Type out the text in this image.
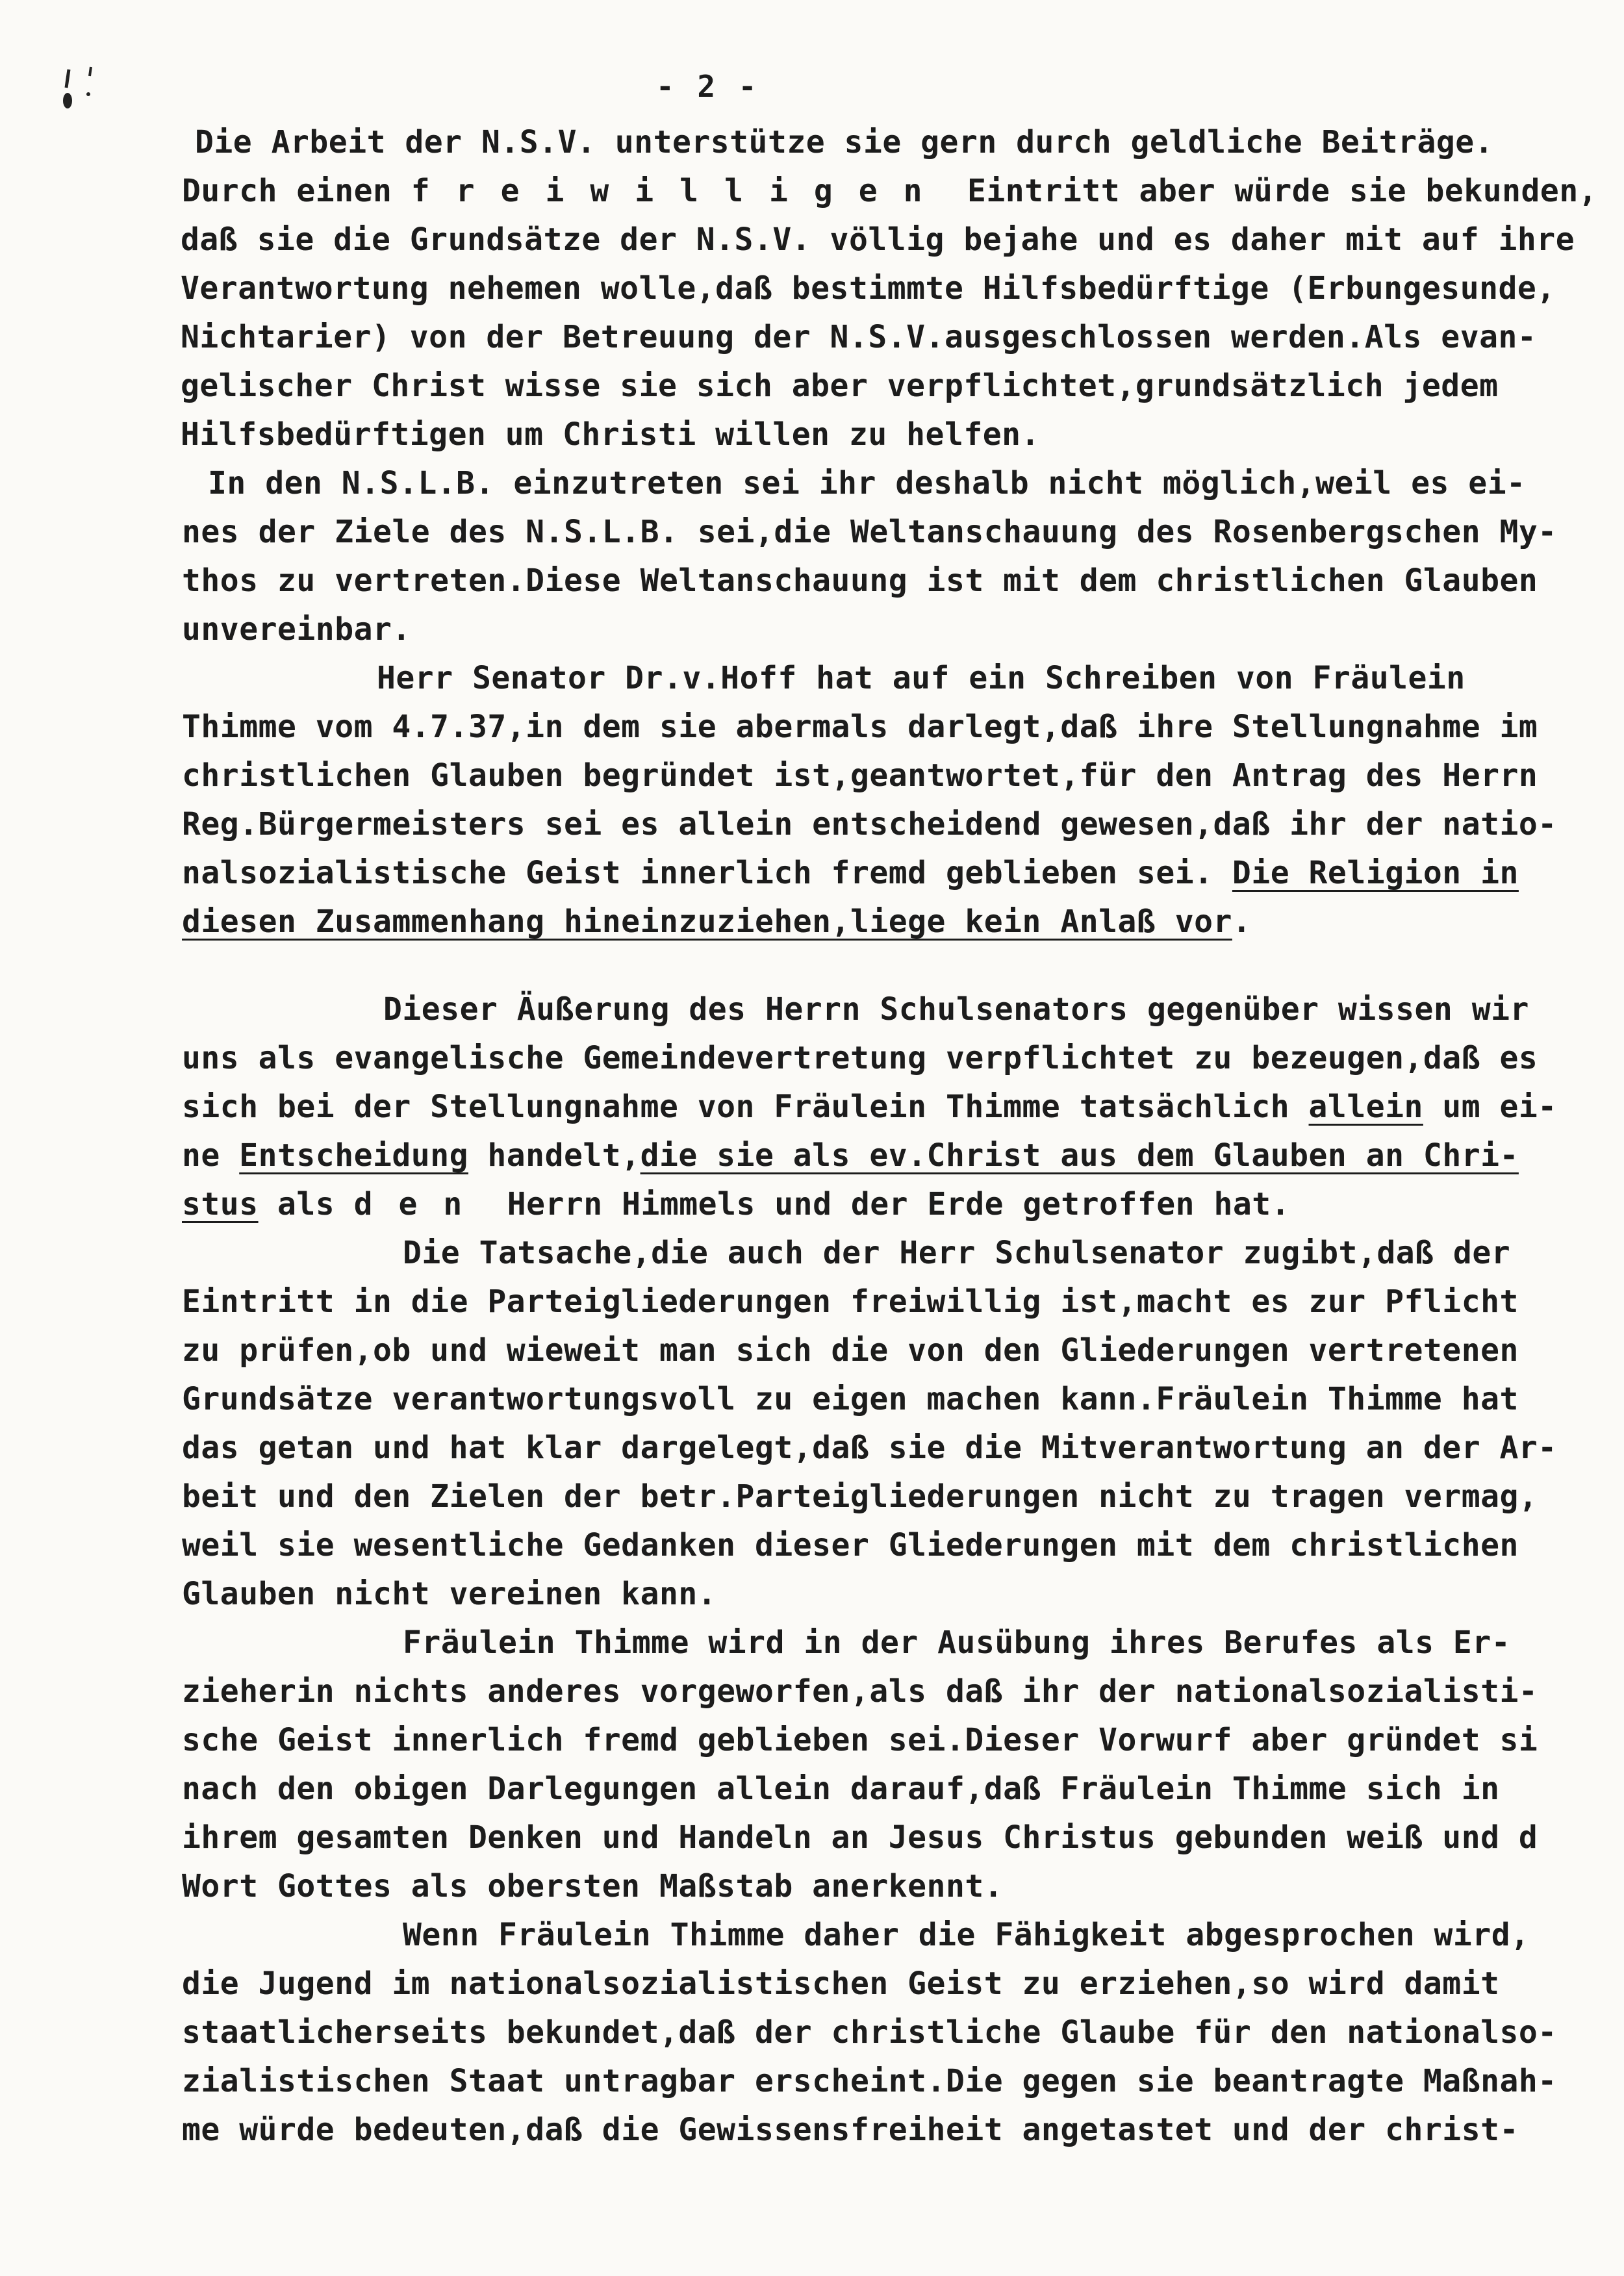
- 2 -
Die Arbeit der N.S.V. unterstütze sie gern durch geldliche Beiträge.
Durch einen freiwilligen Eintritt aber würde sie bekunden,
daß sie die Grundsätze der N.S.V. völlig bejahe und es daher mit auf ihre
Verantwortung nehemen wolle,daß bestimmte Hilfsbedürftige (Erbungesunde,
Nichtarier) von der Betreuung der N.S.V.ausgeschlossen werden.Als evan-
gelischer Christ wisse sie sich aber verpflichtet,grundsätzlich jedem
Hilfsbedürftigen um Christi willen zu helfen.
In den N.S.L.B. einzutreten sei ihr deshalb nicht möglich,weil es ei-
nes der Ziele des N.S.L.B. sei,die Weltanschauung des Rosenbergschen My-
thos zu vertreten.Diese Weltanschauung ist mit dem christlichen Glauben
unvereinbar.
Herr Senator Dr.v.Hoff hat auf ein Schreiben von Fräulein
Thimme vom 4.7.37,in dem sie abermals darlegt,daß ihre Stellungnahme im
christlichen Glauben begründet ist,geantwortet,für den Antrag des Herrn
Reg.Bürgermeisters sei es allein entscheidend gewesen,daß ihr der natio-
nalsozialistische Geist innerlich fremd geblieben sei. Die Religion in
diesen Zusammenhang hineinzuziehen,liege kein Anlaß vor.
Dieser Äußerung des Herrn Schulsenators gegenüber wissen wir
uns als evangelische Gemeindevertretung verpflichtet zu bezeugen,daß es
sich bei der Stellungnahme von Fräulein Thimme tatsächlich allein um ei-
ne Entscheidung handelt,die sie als ev.Christ aus dem Glauben an Chri-
stus als den Herrn Himmels und der Erde getroffen hat.
Die Tatsache,die auch der Herr Schulsenator zugibt,daß der
Eintritt in die Parteigliederungen freiwillig ist,macht es zur Pflicht
zu prüfen,ob und wieweit man sich die von den Gliederungen vertretenen
Grundsätze verantwortungsvoll zu eigen machen kann.Fräulein Thimme hat
das getan und hat klar dargelegt,daß sie die Mitverantwortung an der Ar-
beit und den Zielen der betr.Parteigliederungen nicht zu tragen vermag,
weil sie wesentliche Gedanken dieser Gliederungen mit dem christlichen
Glauben nicht vereinen kann.
Fräulein Thimme wird in der Ausübung ihres Berufes als Er-
zieherin nichts anderes vorgeworfen,als daß ihr der nationalsozialisti-
sche Geist innerlich fremd geblieben sei.Dieser Vorwurf aber gründet si
nach den obigen Darlegungen allein darauf,daß Fräulein Thimme sich in
ihrem gesamten Denken und Handeln an Jesus Christus gebunden weiß und d
Wort Gottes als obersten Maßstab anerkennt.
Wenn Fräulein Thimme daher die Fähigkeit abgesprochen wird,
die Jugend im nationalsozialistischen Geist zu erziehen,so wird damit
staatlicherseits bekundet,daß der christliche Glaube für den nationalso-
zialistischen Staat untragbar erscheint.Die gegen sie beantragte Maßnah-
me würde bedeuten,daß die Gewissensfreiheit angetastet und der christ-
